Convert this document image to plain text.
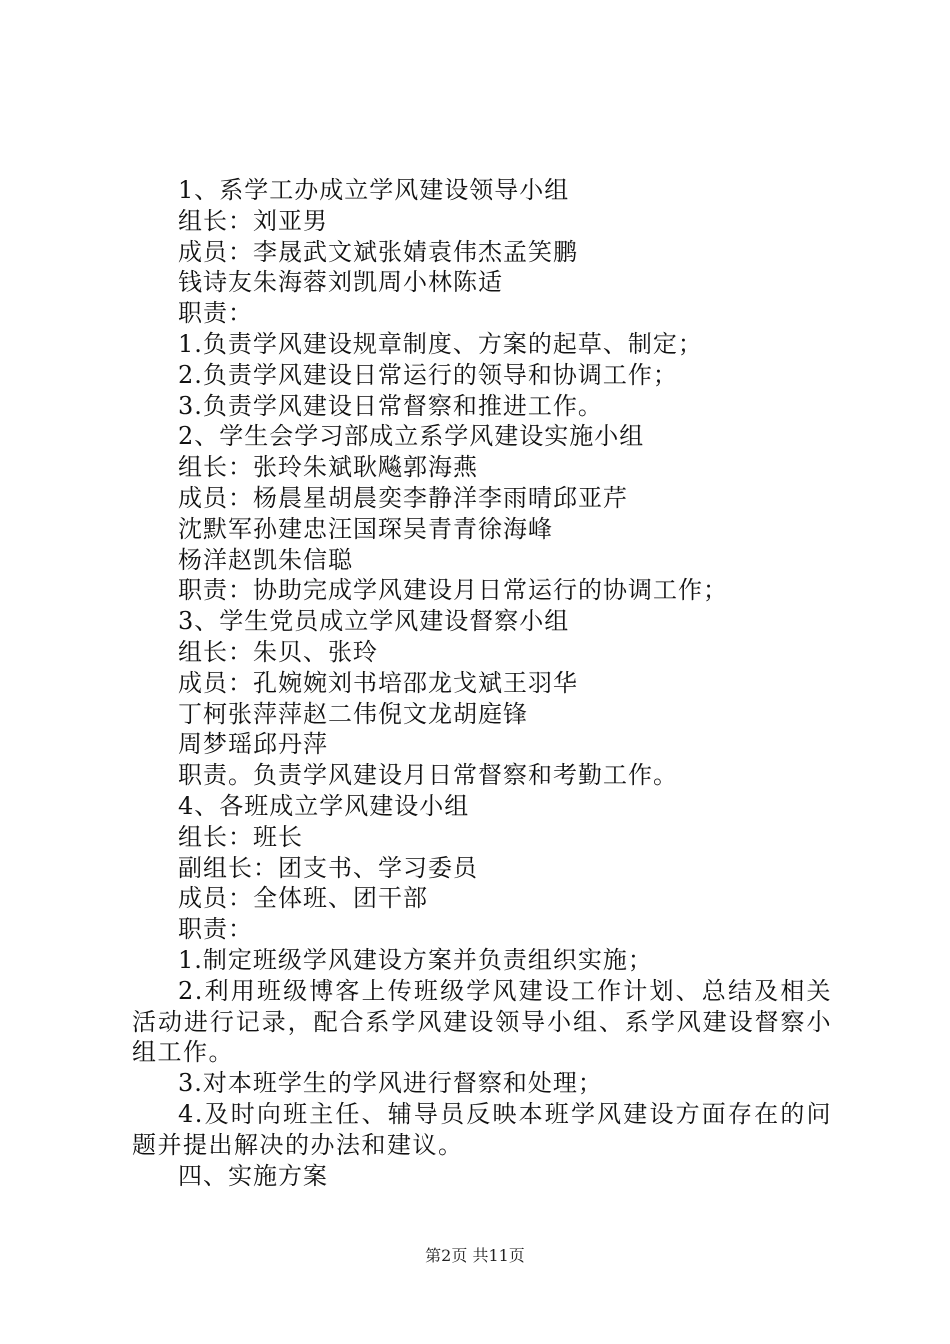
1、系学工办成立学风建设领导小组
组长：刘亚男
成员：李晟武文斌张婧袁伟杰孟笑鹏
钱诗友朱海蓉刘凯周小林陈适
职责：
1.负责学风建设规章制度、方案的起草、制定；
2.负责学风建设日常运行的领导和协调工作；
3.负责学风建设日常督察和推进工作。
2、学生会学习部成立系学风建设实施小组
组长：张玲朱斌耿飚郭海燕
成员：杨晨星胡晨奕李静洋李雨晴邱亚芹
沈默军孙建忠汪国琛吴青青徐海峰
杨洋赵凯朱信聪
职责：协助完成学风建设月日常运行的协调工作；
3、学生党员成立学风建设督察小组
组长：朱贝、张玲
成员：孔婉婉刘书培邵龙戈斌王羽华
丁柯张萍萍赵二伟倪文龙胡庭锋
周梦瑶邱丹萍
职责。负责学风建设月日常督察和考勤工作。
4、各班成立学风建设小组
组长：班长
副组长：团支书、学习委员
成员：全体班、团干部
职责：
1.制定班级学风建设方案并负责组织实施；
2.利用班级博客上传班级学风建设工作计划、总结及相关活动进行记录，配合系学风建设领导小组、系学风建设督察小组工作。
3.对本班学生的学风进行督察和处理；
4.及时向班主任、辅导员反映本班学风建设方面存在的问题并提出解决的办法和建议。
四、实施方案
第2页 共11页
